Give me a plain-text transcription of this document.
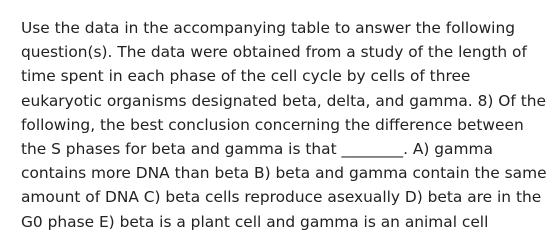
Use the data in the accompanying table to answer the following question(s). The data were obtained from a study of the length of time spent in each phase of the cell cycle by cells of three eukaryotic organisms designated beta, delta, and gamma. 8) Of the following, the best conclusion concerning the difference between the S phases for beta and gamma is that ________. A) gamma contains more DNA than beta B) beta and gamma contain the same amount of DNA C) beta cells reproduce asexually D) beta are in the G0 phase E) beta is a plant cell and gamma is an animal cell
